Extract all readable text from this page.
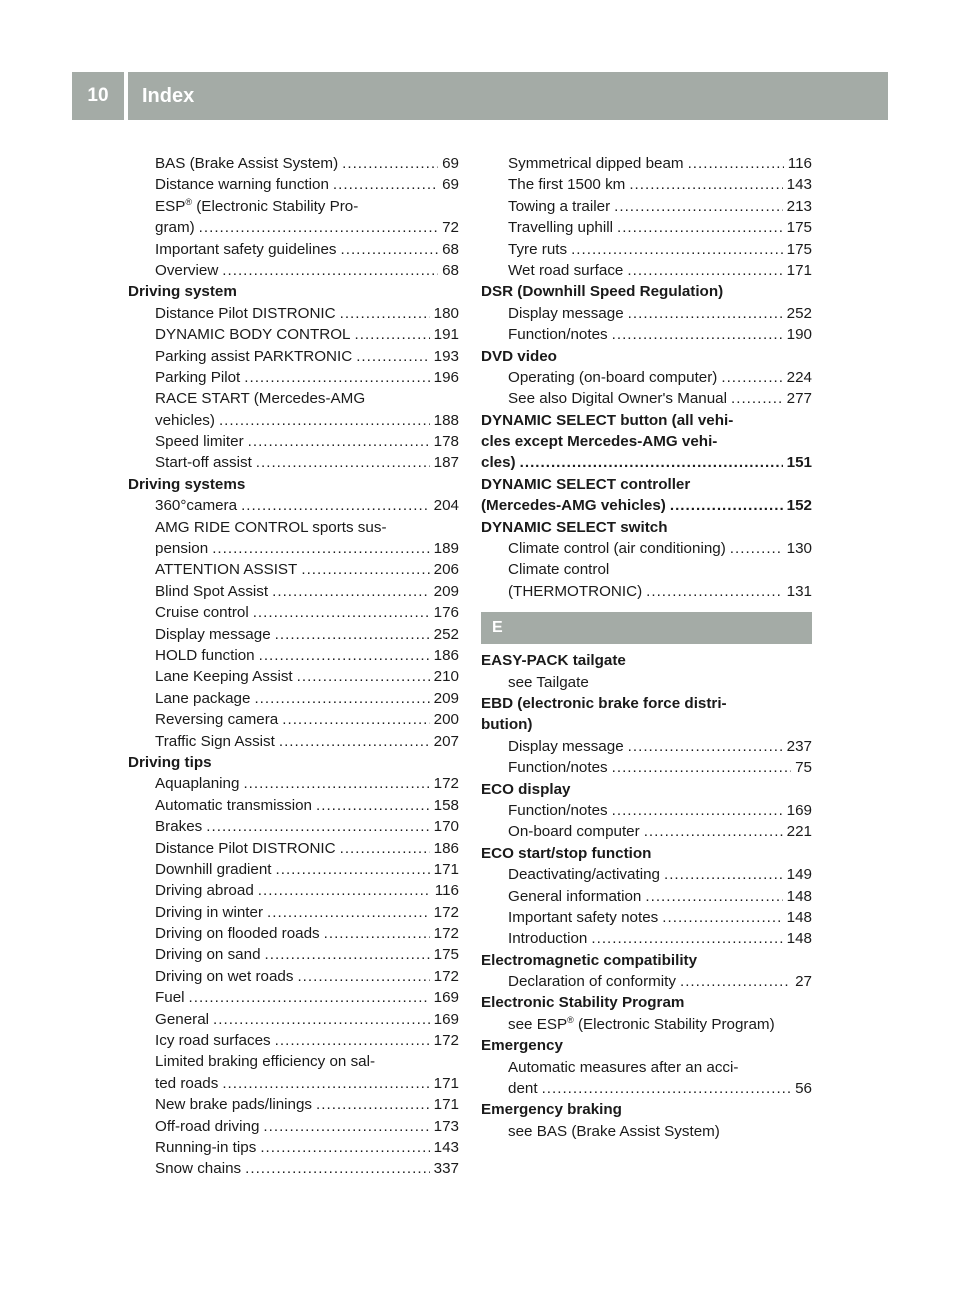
10	Index
BAS (Brake Assist System) .....	69
Distance warning function .....	69
ESP® (Electronic Stability Pro-
gram) .....	72
Important safety guidelines .....	68
Overview .....	68
Driving system
Distance Pilot DISTRONIC .....	180
DYNAMIC BODY CONTROL .....	191
Parking assist PARKTRONIC .....	193
Parking Pilot .....	196
RACE START (Mercedes-AMG
vehicles) .....	188
Speed limiter .....	178
Start-off assist .....	187
Driving systems
360°camera .....	204
AMG RIDE CONTROL sports sus-
pension .....	189
ATTENTION ASSIST .....	206
Blind Spot Assist .....	209
Cruise control .....	176
Display message .....	252
HOLD function .....	186
Lane Keeping Assist .....	210
Lane package .....	209
Reversing camera .....	200
Traffic Sign Assist .....	207
Driving tips
Aquaplaning .....	172
Automatic transmission .....	158
Brakes .....	170
Distance Pilot DISTRONIC .....	186
Downhill gradient .....	171
Driving abroad .....	116
Driving in winter .....	172
Driving on flooded roads .....	172
Driving on sand .....	175
Driving on wet roads .....	172
Fuel .....	169
General .....	169
Icy road surfaces .....	172
Limited braking efficiency on sal-
ted roads .....	171
New brake pads/linings .....	171
Off-road driving .....	173
Running-in tips .....	143
Snow chains .....	337
Symmetrical dipped beam .....	116
The first 1500 km .....	143
Towing a trailer .....	213
Travelling uphill .....	175
Tyre ruts .....	175
Wet road surface .....	171
DSR (Downhill Speed Regulation)
Display message .....	252
Function/notes .....	190
DVD video
Operating (on-board computer) .....	224
See also Digital Owner's Manual .....	277
DYNAMIC SELECT button (all vehi-
cles except Mercedes-AMG vehi-
cles) .....	151
DYNAMIC SELECT controller
(Mercedes-AMG vehicles) .....	152
DYNAMIC SELECT switch
Climate control (air conditioning) .....	130
Climate control
(THERMOTRONIC) .....	131
E
EASY-PACK tailgate
see Tailgate
EBD (electronic brake force distri-
bution)
Display message .....	237
Function/notes .....	75
ECO display
Function/notes .....	169
On-board computer .....	221
ECO start/stop function
Deactivating/activating .....	149
General information .....	148
Important safety notes .....	148
Introduction .....	148
Electromagnetic compatibility
Declaration of conformity .....	27
Electronic Stability Program
see ESP® (Electronic Stability Program)
Emergency
Automatic measures after an acci-
dent .....	56
Emergency braking
see BAS (Brake Assist System)
